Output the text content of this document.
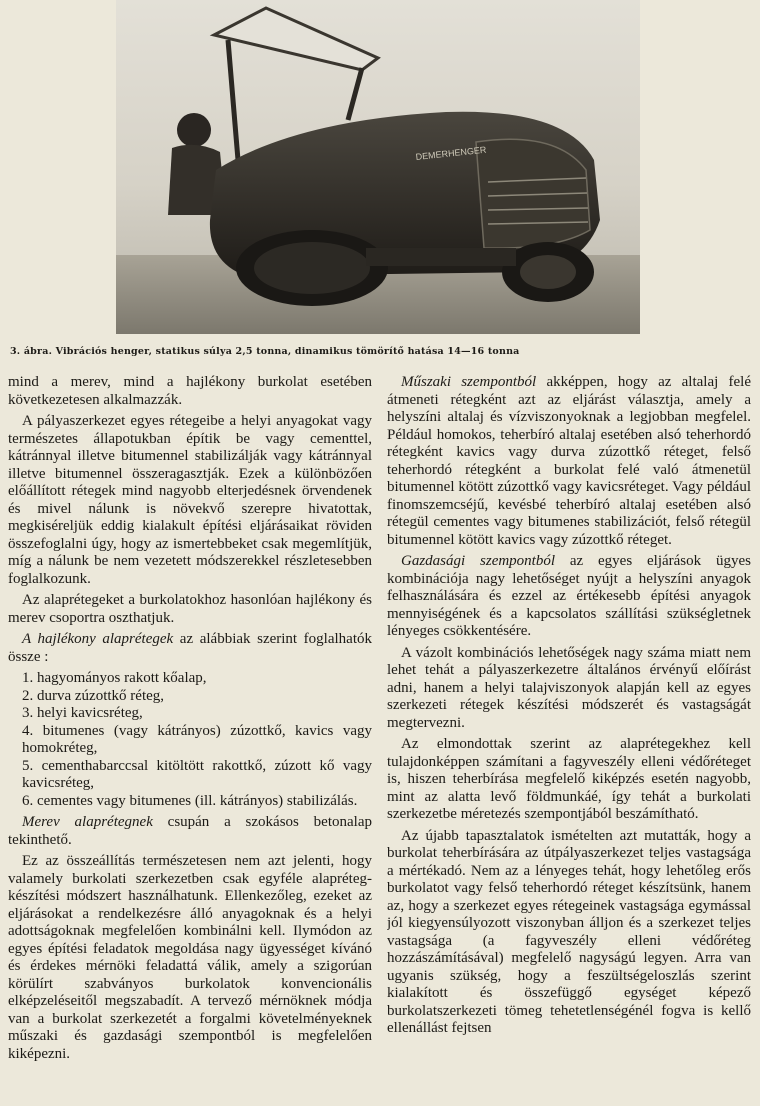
DEMERHENGER
3. ábra. Vibrációs henger, statikus súlya 2,5 tonna, dinamikus tömörítő hatása 14—16 tonna

mind a merev, mind a hajlékony burkolat esetében következetesen alkalmazzák.

A pályaszerkezet egyes rétegeibe a helyi anyagokat vagy természetes állapotukban építik be vagy cementtel, kátránnyal illetve bitumennel stabilizálják vagy kátránnyal illetve bitumennel összeragasztják. Ezek a különbözően előállított rétegek mind nagyobb elterjedésnek örvendenek és mivel nálunk is növekvő szerepre hivatottak, megkiséreljük eddig kialakult építési eljárásaikat röviden összefoglalni úgy, hogy az ismertebbeket csak megemlítjük, míg a nálunk be nem vezetett módszerekkel részletesebben foglalkozunk.

Az alaprétegeket a burkolatokhoz hasonlóan hajlékony és merev csoportra oszthatjuk.

A hajlékony alaprétegek az alábbiak szerint foglalhatók össze :

1. hagyományos rakott kőalap,
2. durva zúzottkő réteg,
3. helyi kavicsréteg,
4. bitumenes (vagy kátrányos) zúzottkő, kavics vagy homokréteg,
5. cementhabarccsal kitöltött rakottkő, zúzott kő vagy kavicsréteg,
6. cementes vagy bitumenes (ill. kátrányos) stabilizálás.

Merev alaprétegnek csupán a szokásos betonalap tekinthető.

Ez az összeállítás természetesen nem azt jelenti, hogy valamely burkolati szerkezetben csak egyféle alapréteg-készítési módszert használhatunk. Ellenkezőleg, ezeket az eljárásokat a rendelkezésre álló anyagoknak és a helyi adottságoknak megfelelően kombinálni kell. Ilymódon az egyes építési feladatok megoldása nagy ügyességet kívánó és érdekes mérnöki feladattá válik, amely a szigorúan körülírt szabványos burkolatok konvencionális elképzeléseitől megszabadít. A tervező mérnöknek módja van a burkolat szerkezetét a forgalmi követelményeknek műszaki és gazdasági szempontból is megfelelően kiképezni.

Műszaki szempontból akképpen, hogy az altalaj felé átmeneti rétegként azt az eljárást választja, amely a helyszíni altalaj és vízviszonyoknak a legjobban megfelel. Például homokos, teherbíró altalaj esetében alsó teherhordó rétegként kavics vagy durva zúzottkő réteget, felső teherhordó rétegként a burkolat felé való átmenetül bitumennel kötött zúzottkő vagy kavicsréteget. Vagy például finomszemcséjű, kevésbé teherbíró altalaj esetében alsó rétegül cementes vagy bitumenes stabilizációt, felső rétegül bitumennel kötött kavics vagy zúzottkő réteget.

Gazdasági szempontból az egyes eljárások ügyes kombinációja nagy lehetőséget nyújt a helyszíni anyagok felhasználására és ezzel az értékesebb építési anyagok mennyiségének és a kapcsolatos szállítási szükségletnek lényeges csökkentésére.

A vázolt kombinációs lehetőségek nagy száma miatt nem lehet tehát a pályaszerkezetre általános érvényű előírást adni, hanem a helyi talajviszonyok alapján kell az egyes szerkezeti rétegek készítési módszerét és vastagságát megtervezni.

Az elmondottak szerint az alaprétegekhez kell tulajdonképpen számítani a fagyveszély elleni védőréteget is, hiszen teherbírása megfelelő kiképzés esetén nagyobb, mint az alatta levő földmunkáé, így tehát a burkolati szerkezetbe méretezés szempontjából beszámítható.

Az újabb tapasztalatok ismételten azt mutatták, hogy a burkolat teherbírására az útpályaszerkezet teljes vastagsága a mértékadó. Nem az a lényeges tehát, hogy lehetőleg erős burkolatot vagy felső teherhordó réteget készítsünk, hanem az, hogy a szerkezet egyes rétegeinek vastagsága egymással jól kiegyensúlyozott viszonyban álljon és a szerkezet teljes vastagsága (a fagyveszély elleni védőréteg hozzászámításával) megfelelő nagyságú legyen. Arra van ugyanis szükség, hogy a feszültségeloszlás szerint kialakított és összefüggő egységet képező burkolatszerkezeti tömeg tehetetlenségénél fogva is kellő ellenállást fejtsen
